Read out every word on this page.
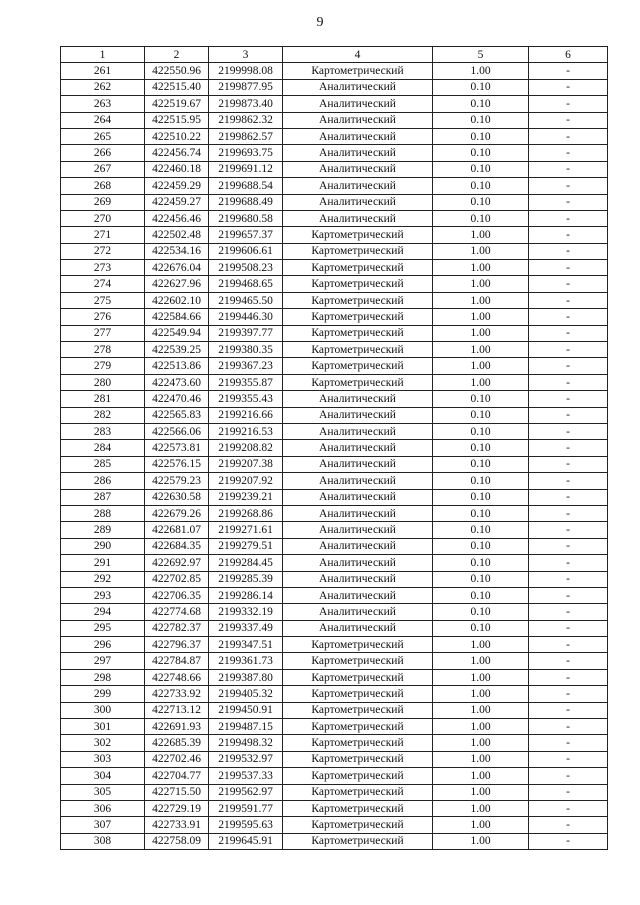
9
1	2	3	4	5	6
261	422550.96	2199998.08	Картометрический	1.00	-
262	422515.40	2199877.95	Аналитический	0.10	-
263	422519.67	2199873.40	Аналитический	0.10	-
264	422515.95	2199862.32	Аналитический	0.10	-
265	422510.22	2199862.57	Аналитический	0.10	-
266	422456.74	2199693.75	Аналитический	0.10	-
267	422460.18	2199691.12	Аналитический	0.10	-
268	422459.29	2199688.54	Аналитический	0.10	-
269	422459.27	2199688.49	Аналитический	0.10	-
270	422456.46	2199680.58	Аналитический	0.10	-
271	422502.48	2199657.37	Картометрический	1.00	-
272	422534.16	2199606.61	Картометрический	1.00	-
273	422676.04	2199508.23	Картометрический	1.00	-
274	422627.96	2199468.65	Картометрический	1.00	-
275	422602.10	2199465.50	Картометрический	1.00	-
276	422584.66	2199446.30	Картометрический	1.00	-
277	422549.94	2199397.77	Картометрический	1.00	-
278	422539.25	2199380.35	Картометрический	1.00	-
279	422513.86	2199367.23	Картометрический	1.00	-
280	422473.60	2199355.87	Картометрический	1.00	-
281	422470.46	2199355.43	Аналитический	0.10	-
282	422565.83	2199216.66	Аналитический	0.10	-
283	422566.06	2199216.53	Аналитический	0.10	-
284	422573.81	2199208.82	Аналитический	0.10	-
285	422576.15	2199207.38	Аналитический	0.10	-
286	422579.23	2199207.92	Аналитический	0.10	-
287	422630.58	2199239.21	Аналитический	0.10	-
288	422679.26	2199268.86	Аналитический	0.10	-
289	422681.07	2199271.61	Аналитический	0.10	-
290	422684.35	2199279.51	Аналитический	0.10	-
291	422692.97	2199284.45	Аналитический	0.10	-
292	422702.85	2199285.39	Аналитический	0.10	-
293	422706.35	2199286.14	Аналитический	0.10	-
294	422774.68	2199332.19	Аналитический	0.10	-
295	422782.37	2199337.49	Аналитический	0.10	-
296	422796.37	2199347.51	Картометрический	1.00	-
297	422784.87	2199361.73	Картометрический	1.00	-
298	422748.66	2199387.80	Картометрический	1.00	-
299	422733.92	2199405.32	Картометрический	1.00	-
300	422713.12	2199450.91	Картометрический	1.00	-
301	422691.93	2199487.15	Картометрический	1.00	-
302	422685.39	2199498.32	Картометрический	1.00	-
303	422702.46	2199532.97	Картометрический	1.00	-
304	422704.77	2199537.33	Картометрический	1.00	-
305	422715.50	2199562.97	Картометрический	1.00	-
306	422729.19	2199591.77	Картометрический	1.00	-
307	422733.91	2199595.63	Картометрический	1.00	-
308	422758.09	2199645.91	Картометрический	1.00	-
